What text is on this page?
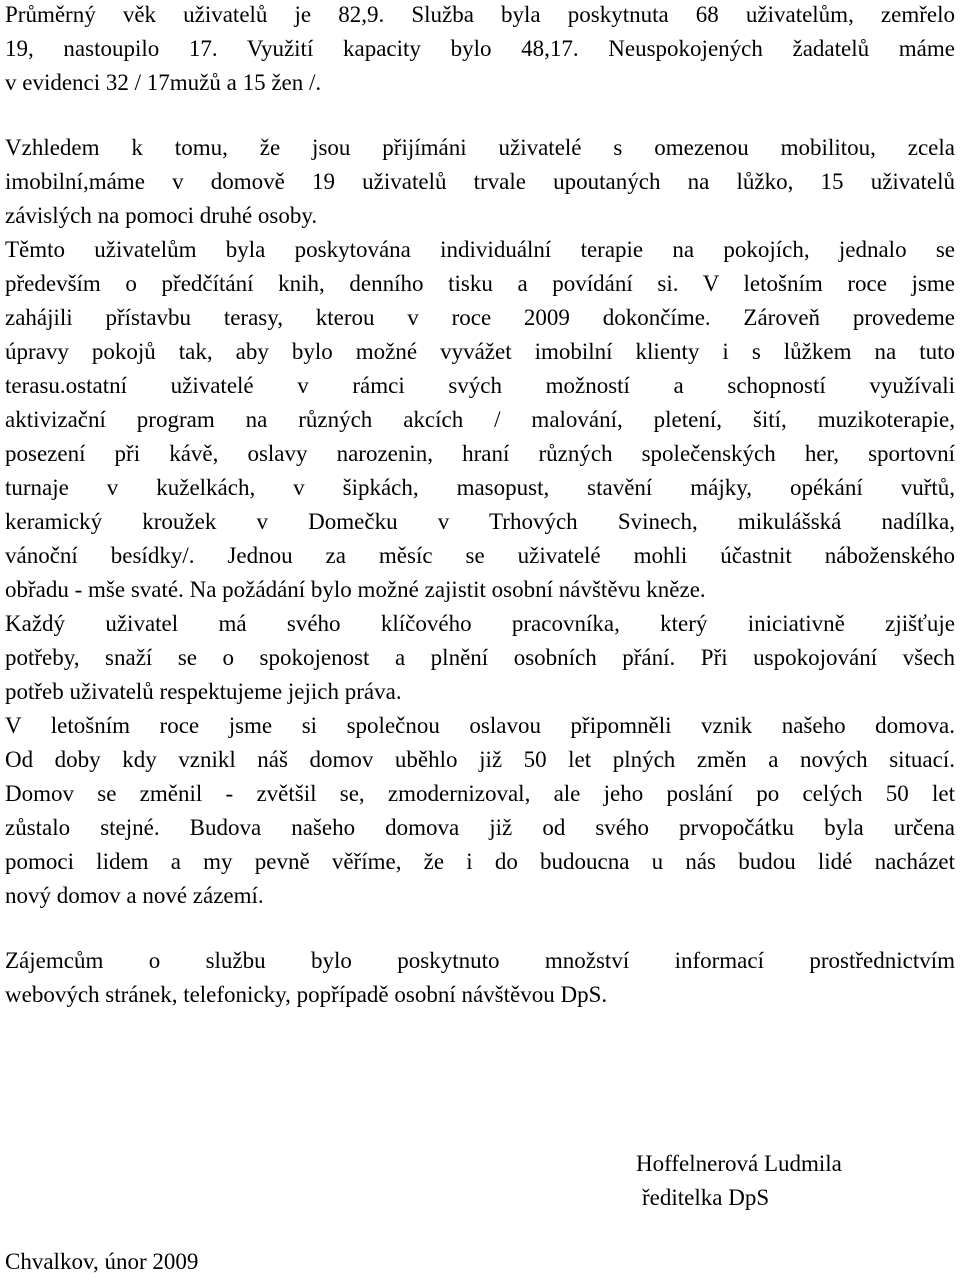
Průměrný věk uživatelů je 82,9. Služba byla poskytnuta 68 uživatelům, zemřelo
19, nastoupilo 17. Využití kapacity bylo 48,17. Neuspokojených žadatelů máme
v evidenci 32 / 17mužů a 15 žen /.
Vzhledem k tomu, že jsou přijímáni uživatelé s omezenou mobilitou, zcela
imobilní,máme v domově 19 uživatelů trvale upoutaných na lůžko, 15 uživatelů
závislých na pomoci druhé osoby.
Těmto uživatelům byla poskytována individuální terapie na pokojích, jednalo se
především o předčítání knih, denního tisku a povídání si. V letošním roce jsme
zahájili přístavbu terasy, kterou v roce 2009 dokončíme. Zároveň provedeme
úpravy pokojů tak, aby bylo možné vyvážet imobilní klienty i s lůžkem na tuto
terasu.ostatní uživatelé v rámci svých možností a schopností využívali
aktivizační program na různých akcích / malování, pletení, šití, muzikoterapie,
posezení při kávě, oslavy narozenin, hraní různých společenských her, sportovní
turnaje v kuželkách, v šipkách, masopust, stavění májky, opékání vuřtů,
keramický kroužek v Domečku v Trhových Svinech, mikulášská nadílka,
vánoční besídky/. Jednou za měsíc se uživatelé mohli účastnit náboženského
obřadu - mše svaté. Na požádání bylo možné zajistit osobní návštěvu kněze.
Každý uživatel má svého klíčového pracovníka, který iniciativně zjišťuje
potřeby, snaží se o spokojenost a plnění osobních přání. Při uspokojování všech
potřeb uživatelů respektujeme jejich práva.
V letošním roce jsme si společnou oslavou připomněli vznik našeho domova.
Od doby kdy vznikl náš domov uběhlo již 50 let plných změn a nových situací.
Domov se změnil - zvětšil se, zmodernizoval, ale jeho poslání po celých 50 let
zůstalo stejné. Budova našeho domova již od svého prvopočátku byla určena
pomoci lidem a my pevně věříme, že i do budoucna u nás budou lidé nacházet
nový domov a nové zázemí.
Zájemcům o službu bylo poskytnuto množství informací prostřednictvím
webových stránek, telefonicky, popřípadě osobní návštěvou DpS.
Hoffelnerová Ludmila
ředitelka DpS
Chvalkov, únor 2009
